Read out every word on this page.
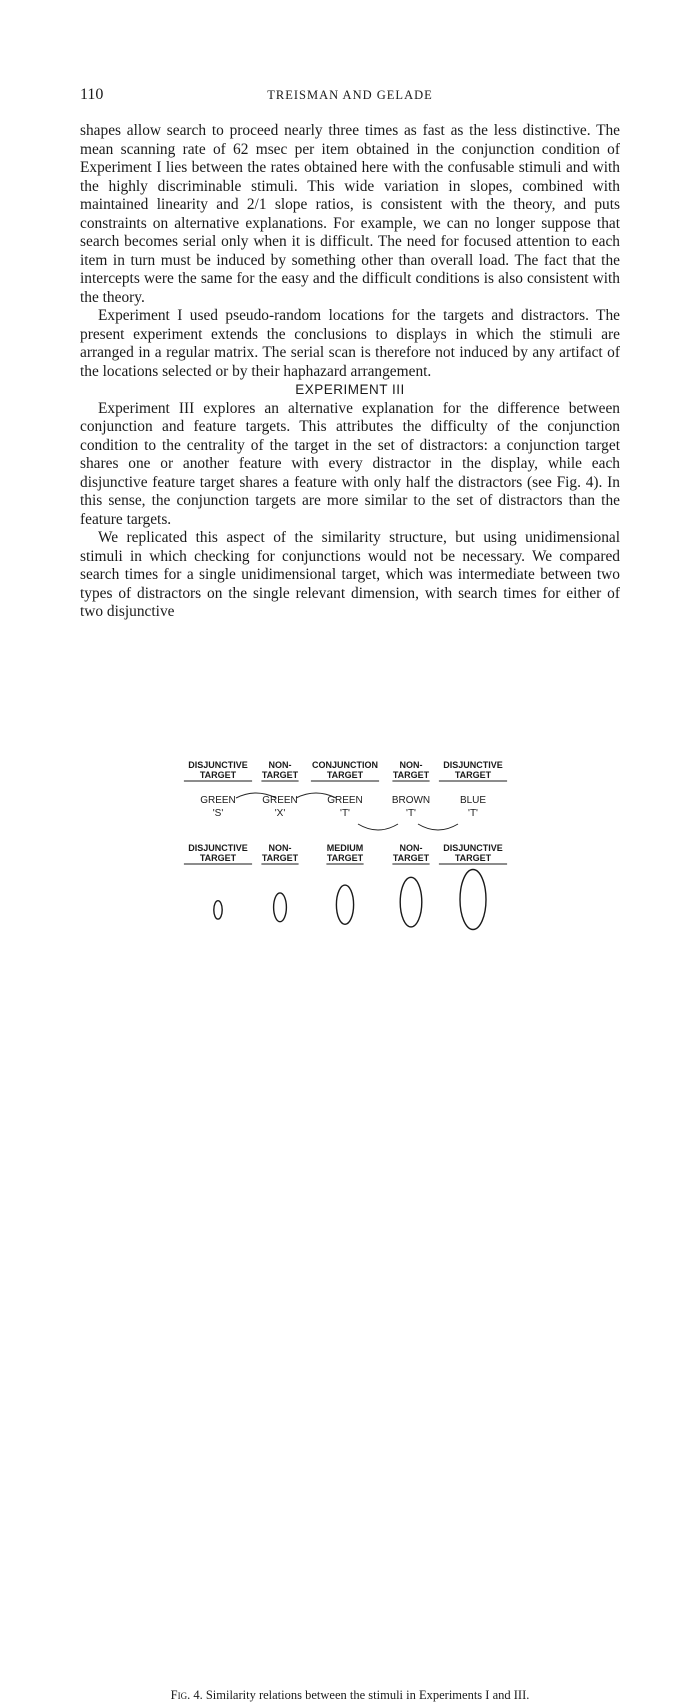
110	TREISMAN AND GELADE

shapes allow search to proceed nearly three times as fast as the less distinctive. The mean scanning rate of 62 msec per item obtained in the conjunction condition of Experiment I lies between the rates obtained here with the confusable stimuli and with the highly discriminable stimuli. This wide variation in slopes, combined with maintained linearity and 2/1 slope ratios, is consistent with the theory, and puts constraints on alternative explanations. For example, we can no longer suppose that search becomes serial only when it is difficult. The need for focused attention to each item in turn must be induced by something other than overall load. The fact that the intercepts were the same for the easy and the difficult conditions is also consistent with the theory.

Experiment I used pseudo-random locations for the targets and distractors. The present experiment extends the conclusions to displays in which the stimuli are arranged in a regular matrix. The serial scan is therefore not induced by any artifact of the locations selected or by their haphazard arrangement.

EXPERIMENT III

Experiment III explores an alternative explanation for the difference between conjunction and feature targets. This attributes the difficulty of the conjunction condition to the centrality of the target in the set of distractors: a conjunction target shares one or another feature with every distractor in the display, while each disjunctive feature target shares a feature with only half the distractors (see Fig. 4). In this sense, the conjunction targets are more similar to the set of distractors than the feature targets.

We replicated this aspect of the similarity structure, but using unidimensional stimuli in which checking for conjunctions would not be necessary. We compared search times for a single unidimensional target, which was intermediate between two types of distractors on the single relevant dimension, with search times for either of two disjunctive

DISJUNCTIVE
TARGET
NON-
TARGET
CONJUNCTION
TARGET
NON-
TARGET
DISJUNCTIVE
TARGET
GREEN	GREEN	GREEN	BROWN	BLUE
'S'	'X'	'T'	'T'	'T'
DISJUNCTIVE
TARGET
NON-
TARGET
MEDIUM
TARGET
NON-
TARGET
DISJUNCTIVE
TARGET
Fig. 4. Similarity relations between the stimuli in Experiments I and III.
